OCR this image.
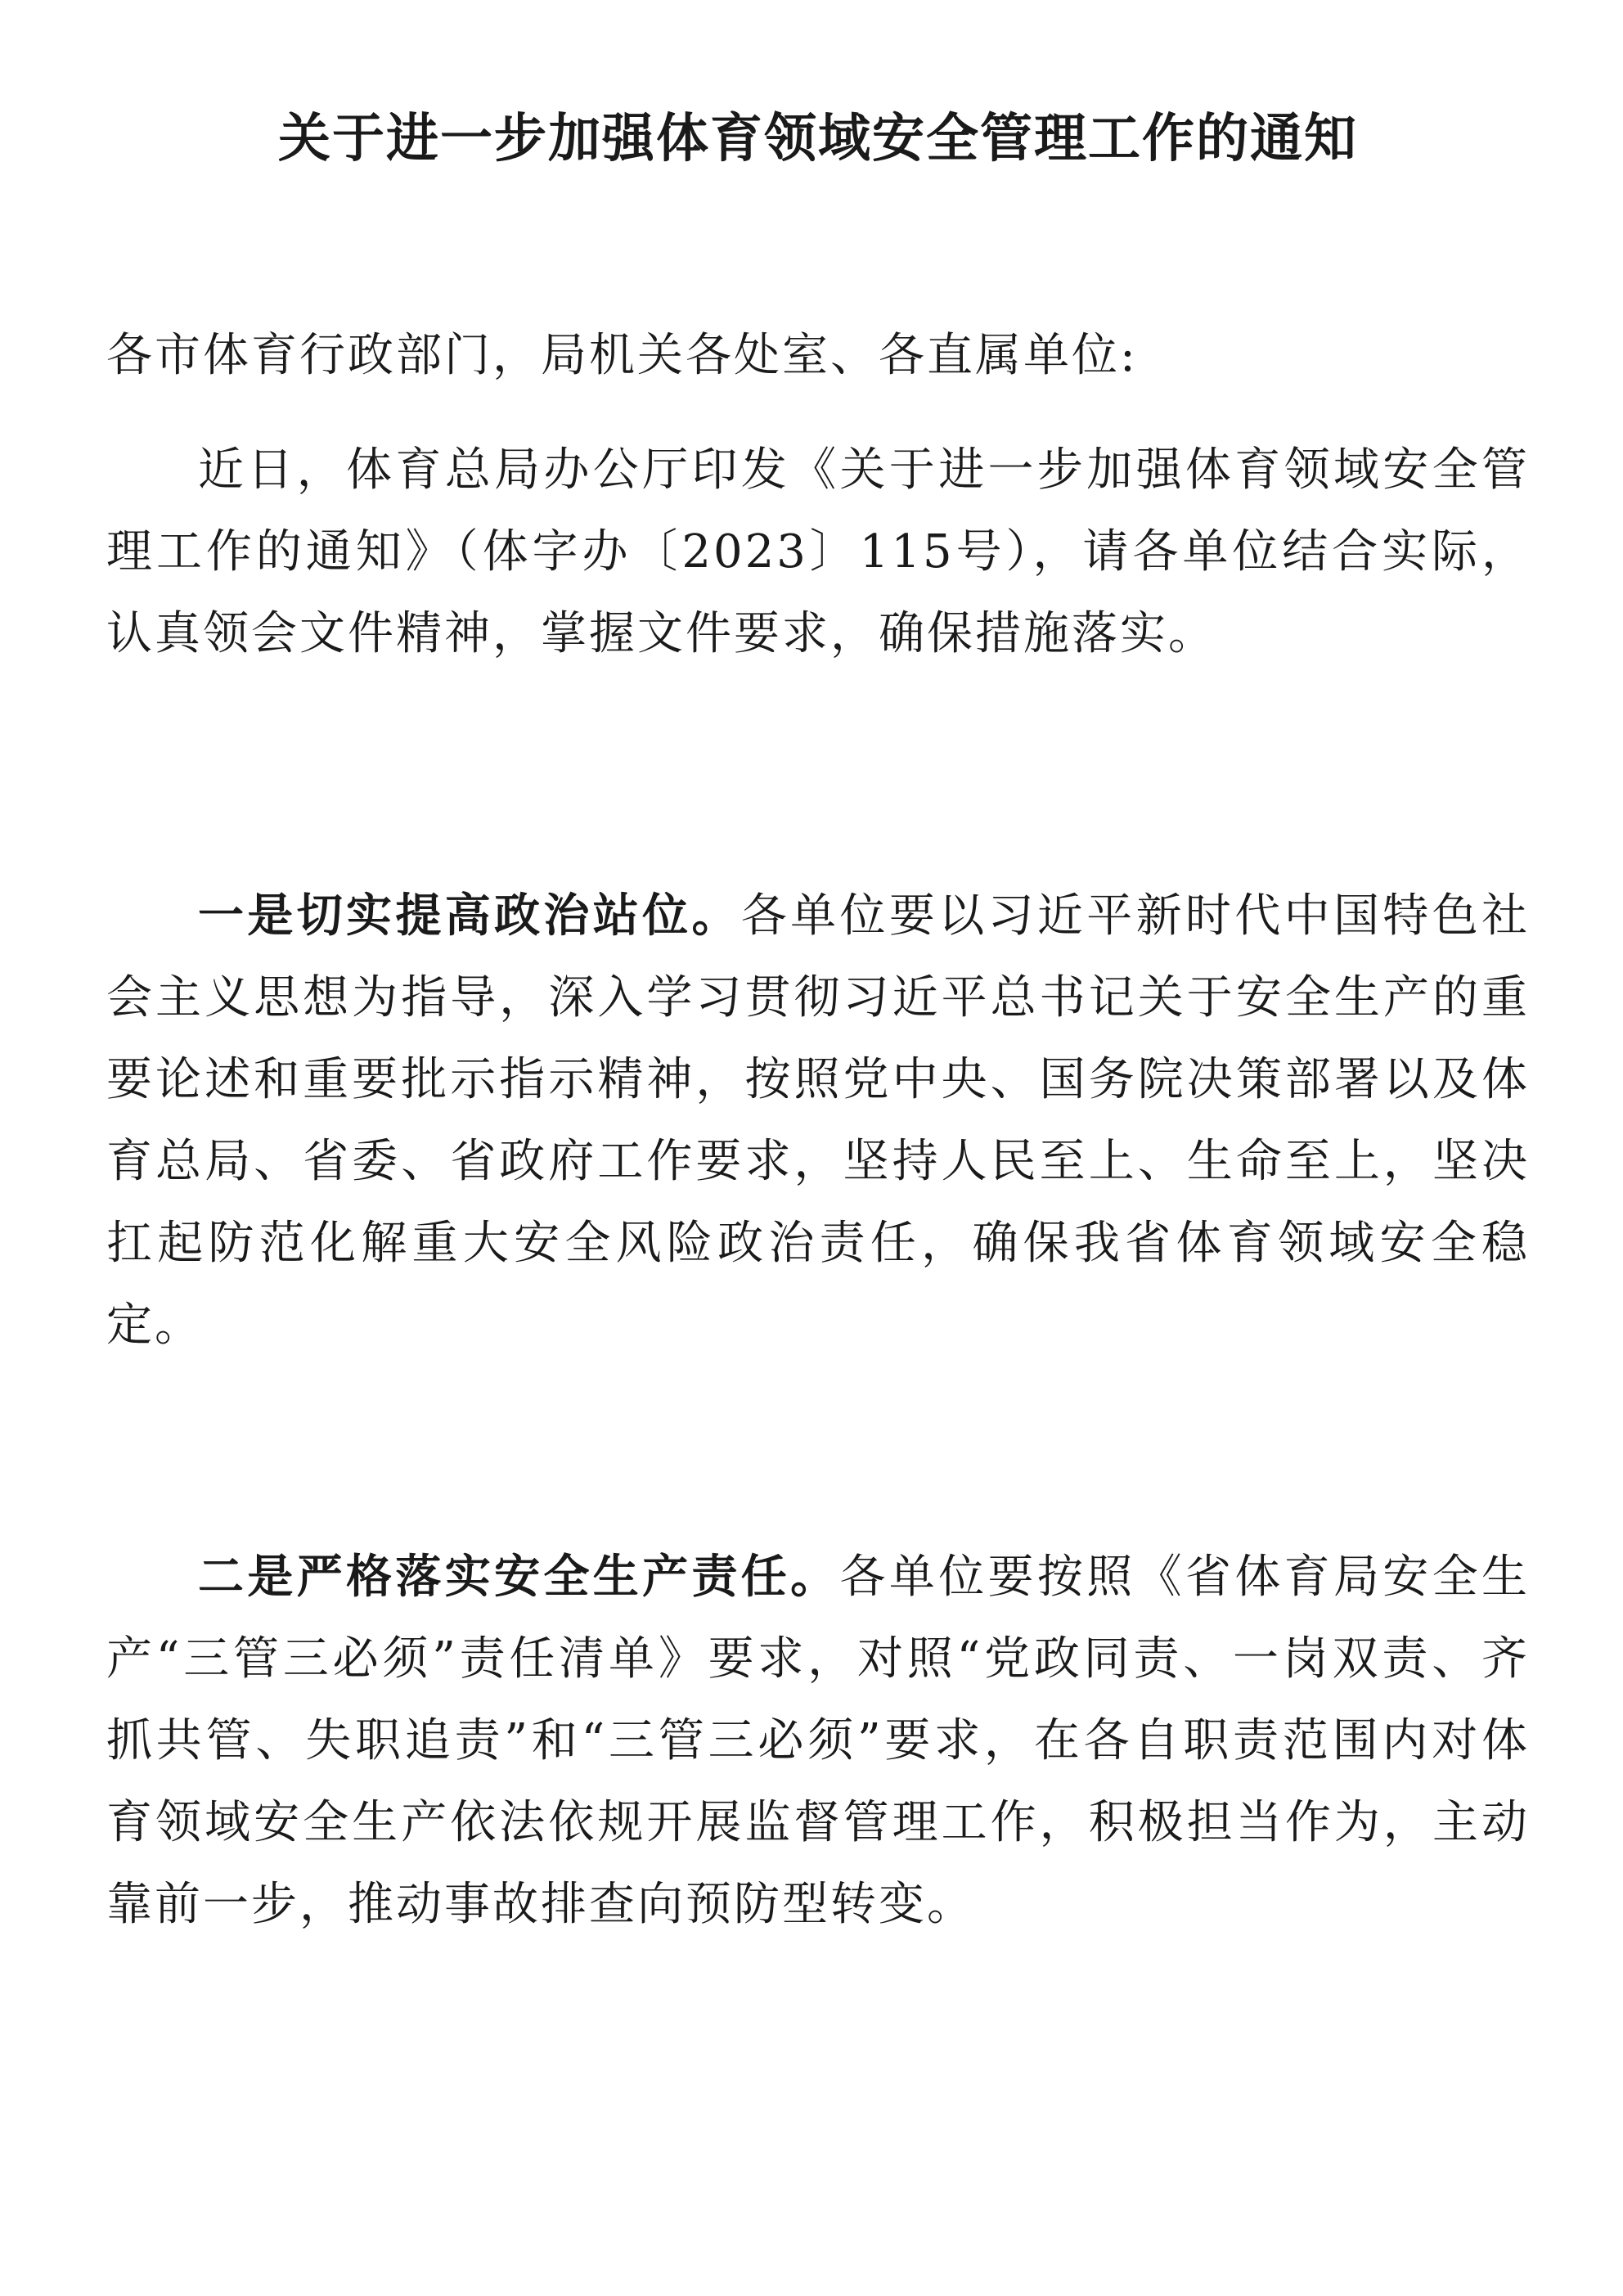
关于进一步加强体育领域安全管理工作的通知

各市体育行政部门，局机关各处室、各直属单位:

近日，体育总局办公厅印发《关于进一步加强体育领域安全管理工作的通知》（体字办〔2023〕115号），请各单位结合实际，认真领会文件精神，掌握文件要求，确保措施落实。

一是切实提高政治站位。各单位要以习近平新时代中国特色社会主义思想为指导，深入学习贯彻习近平总书记关于安全生产的重要论述和重要批示指示精神，按照党中央、国务院决策部署以及体育总局、省委、省政府工作要求，坚持人民至上、生命至上，坚决扛起防范化解重大安全风险政治责任，确保我省体育领域安全稳定。

二是严格落实安全生产责任。各单位要按照《省体育局安全生产“三管三必须”责任清单》要求，对照“党政同责、一岗双责、齐抓共管、失职追责”和“三管三必须”要求，在各自职责范围内对体育领域安全生产依法依规开展监督管理工作，积极担当作为，主动靠前一步，推动事故排查向预防型转变。
